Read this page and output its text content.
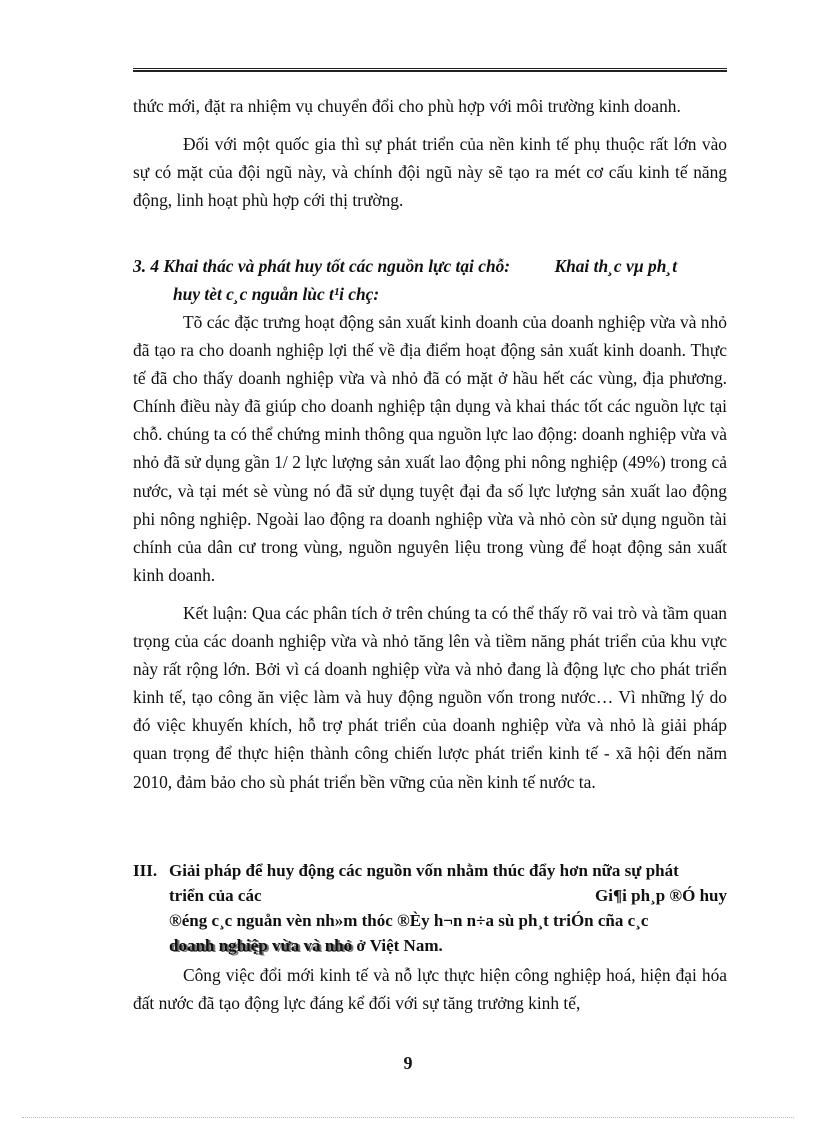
thức mới, đặt ra nhiệm vụ chuyển đổi cho phù hợp với môi trường kinh doanh.

Đối với một quốc gia thì sự phát triển của nền kinh tế phụ thuộc rất lớn vào sự có mặt của đội ngũ này, và chính đội ngũ này sẽ tạo ra mét cơ cấu kinh tế năng động, linh hoạt phù hợp cới thị trường.

3. 4 Khai thác và phát huy tốt các nguồn lực tại chỗ:	Khai th¸c vµ ph¸t
huy tèt c¸c nguån lùc t¹i chç:

Tõ các đặc trưng hoạt động sản xuất kinh doanh của doanh nghiệp vừa và nhỏ đã tạo ra cho doanh nghiệp lợi thế về địa điểm hoạt động sản xuất kinh doanh. Thực tế đã cho thấy doanh nghiệp vừa và nhỏ đã có mặt ở hầu hết các vùng, địa phương. Chính điều này đã giúp cho doanh nghiệp tận dụng và khai thác tốt các nguồn lực tại chỗ. chúng ta có thể chứng minh thông qua nguồn lực lao động: doanh nghiệp vừa và nhỏ đã sử dụng gần 1/ 2 lực lượng sản xuất lao động phi nông nghiệp (49%) trong cả nước, và tại mét sè vùng nó đã sử dụng tuyệt đại đa số lực lượng sản xuất lao động phi nông nghiệp. Ngoài lao động ra doanh nghiệp vừa và nhỏ còn sử dụng nguồn tài chính của dân cư trong vùng, nguồn nguyên liệu trong vùng để hoạt động sản xuất kinh doanh.

Kết luận: Qua các phân tích ở trên chúng ta có thể thấy rõ vai trò và tầm quan trọng của các doanh nghiệp vừa và nhỏ tăng lên và tiềm năng phát triển của khu vực này rất rộng lớn. Bởi vì cá doanh nghiệp vừa và nhỏ đang là động lực cho phát triển kinh tế, tạo công ăn việc làm và huy động nguồn vốn trong nước… Vì những lý do đó việc khuyến khích, hỗ trợ phát triển của doanh nghiệp vừa và nhỏ là giải pháp quan trọng để thực hiện thành công chiến lược phát triển kinh tế - xã hội đến năm 2010, đảm bảo cho sù phát triển bền vững của nền kinh tế nước ta.

III. Giải pháp để huy động các nguồn vốn nhằm thúc đẩy hơn nữa sự phát
triển của các	Gi¶i ph¸p ®Ó huy
®éng c¸c nguån vèn nh»m thóc ®Èy h¬n n÷a sù ph¸t triÓn cña c¸c
doanh nghiệp vừa và nhỏ ở Việt Nam.

Công việc đổi mới kinh tế và nỗ lực thực hiện công nghiệp hoá, hiện đại hóa đất nước đã tạo động lực đáng kể đối với sự tăng trưởng kinh tế,

9
